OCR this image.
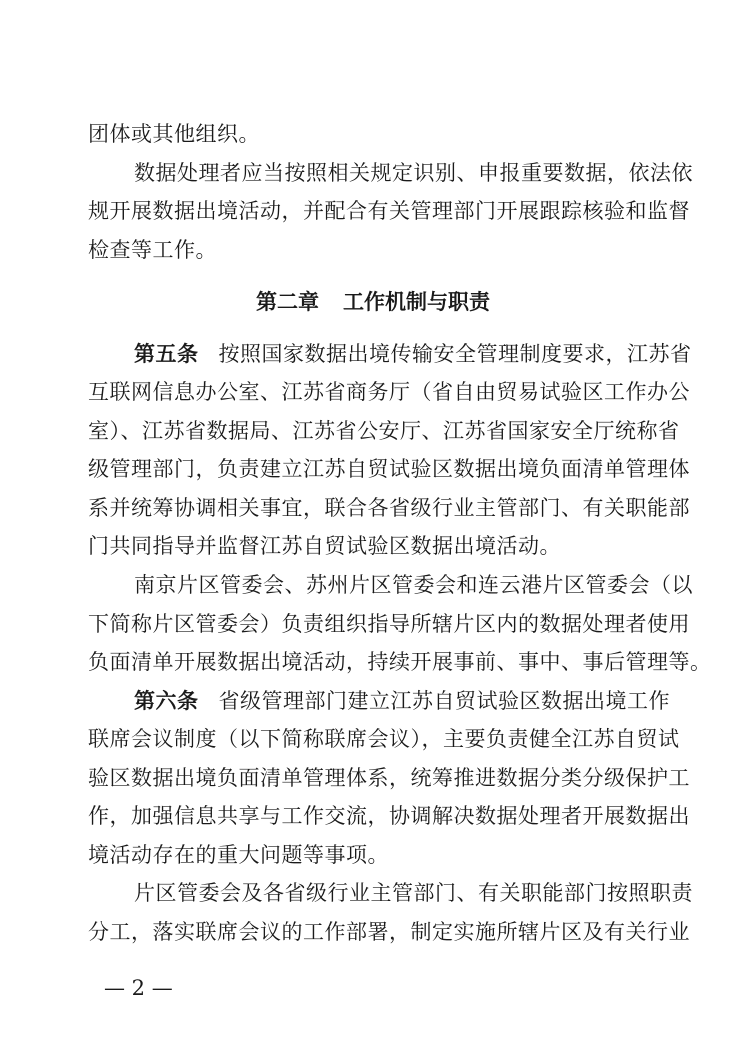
团体或其他组织。
数据处理者应当按照相关规定识别、申报重要数据，依法依
规开展数据出境活动，并配合有关管理部门开展跟踪核验和监督
检查等工作。
第二章 工作机制与职责
第五条 按照国家数据出境传输安全管理制度要求，江苏省
互联网信息办公室、江苏省商务厅（省自由贸易试验区工作办公
室）、江苏省数据局、江苏省公安厅、江苏省国家安全厅统称省
级管理部门，负责建立江苏自贸试验区数据出境负面清单管理体
系并统筹协调相关事宜，联合各省级行业主管部门、有关职能部
门共同指导并监督江苏自贸试验区数据出境活动。
南京片区管委会、苏州片区管委会和连云港片区管委会（以
下简称片区管委会）负责组织指导所辖片区内的数据处理者使用
负面清单开展数据出境活动，持续开展事前、事中、事后管理等。
第六条 省级管理部门建立江苏自贸试验区数据出境工作
联席会议制度（以下简称联席会议），主要负责健全江苏自贸试
验区数据出境负面清单管理体系，统筹推进数据分类分级保护工
作，加强信息共享与工作交流，协调解决数据处理者开展数据出
境活动存在的重大问题等事项。
片区管委会及各省级行业主管部门、有关职能部门按照职责
分工，落实联席会议的工作部署，制定实施所辖片区及有关行业
— 2 —
